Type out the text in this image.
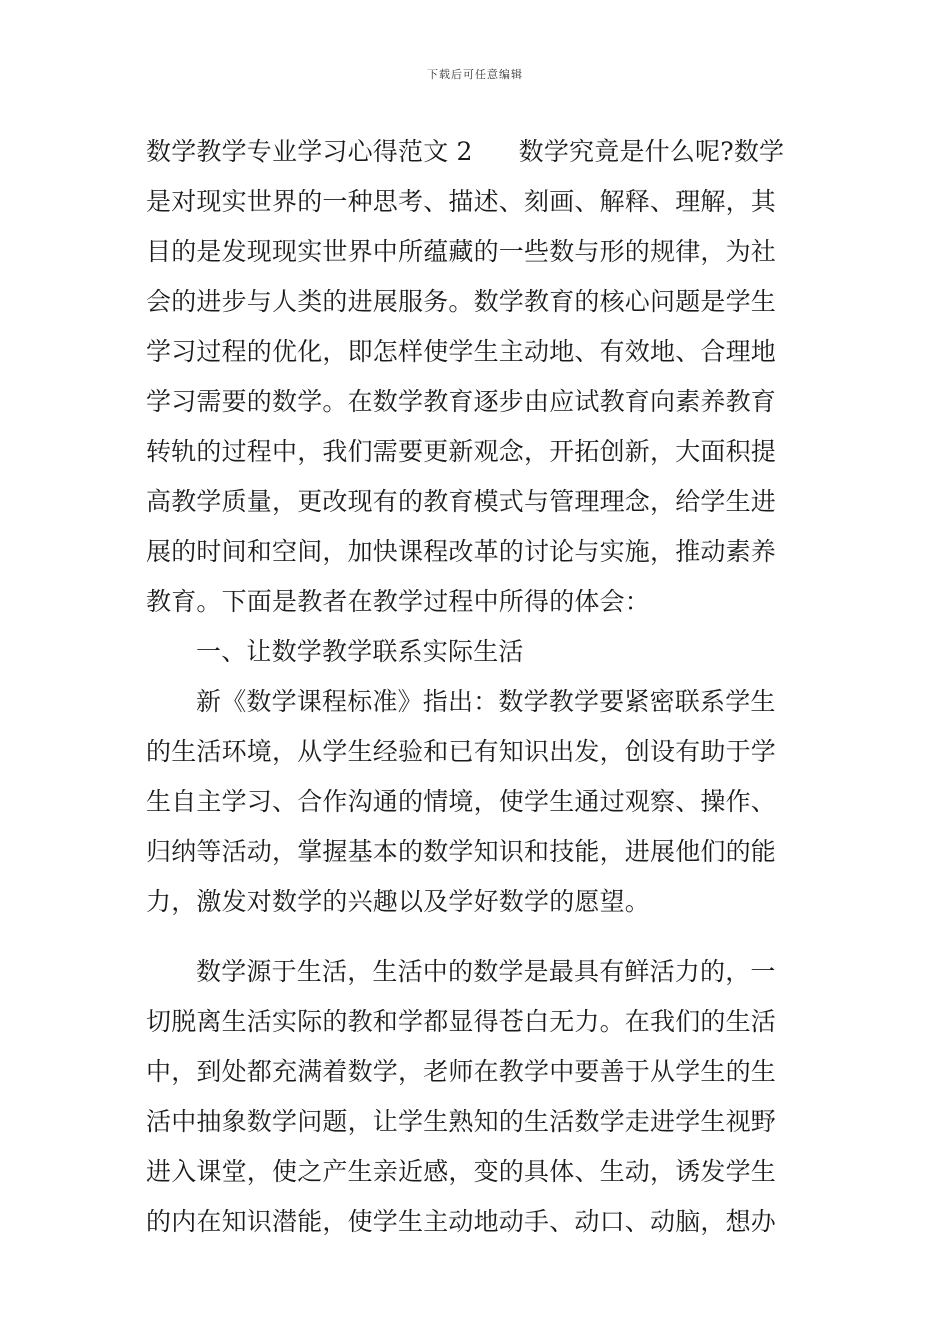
下载后可任意编辑
数学教学专业学习心得范文 2 数学究竟是什么呢?数学
是对现实世界的一种思考、描述、刻画、解释、理解，其
目的是发现现实世界中所蕴藏的一些数与形的规律，为社
会的进步与人类的进展服务。数学教育的核心问题是学生
学习过程的优化，即怎样使学生主动地、有效地、合理地
学习需要的数学。在数学教育逐步由应试教育向素养教育
转轨的过程中，我们需要更新观念，开拓创新，大面积提
高教学质量，更改现有的教育模式与管理理念，给学生进
展的时间和空间，加快课程改革的讨论与实施，推动素养
教育。下面是教者在教学过程中所得的体会：
一、让数学教学联系实际生活
新《数学课程标准》指出：数学教学要紧密联系学生
的生活环境，从学生经验和已有知识出发，创设有助于学
生自主学习、合作沟通的情境，使学生通过观察、操作、
归纳等活动，掌握基本的数学知识和技能，进展他们的能
力，激发对数学的兴趣以及学好数学的愿望。
数学源于生活，生活中的数学是最具有鲜活力的，一
切脱离生活实际的教和学都显得苍白无力。在我们的生活
中，到处都充满着数学，老师在教学中要善于从学生的生
活中抽象数学问题，让学生熟知的生活数学走进学生视野
进入课堂，使之产生亲近感，变的具体、生动，诱发学生
的内在知识潜能，使学生主动地动手、动口、动脑，想办
